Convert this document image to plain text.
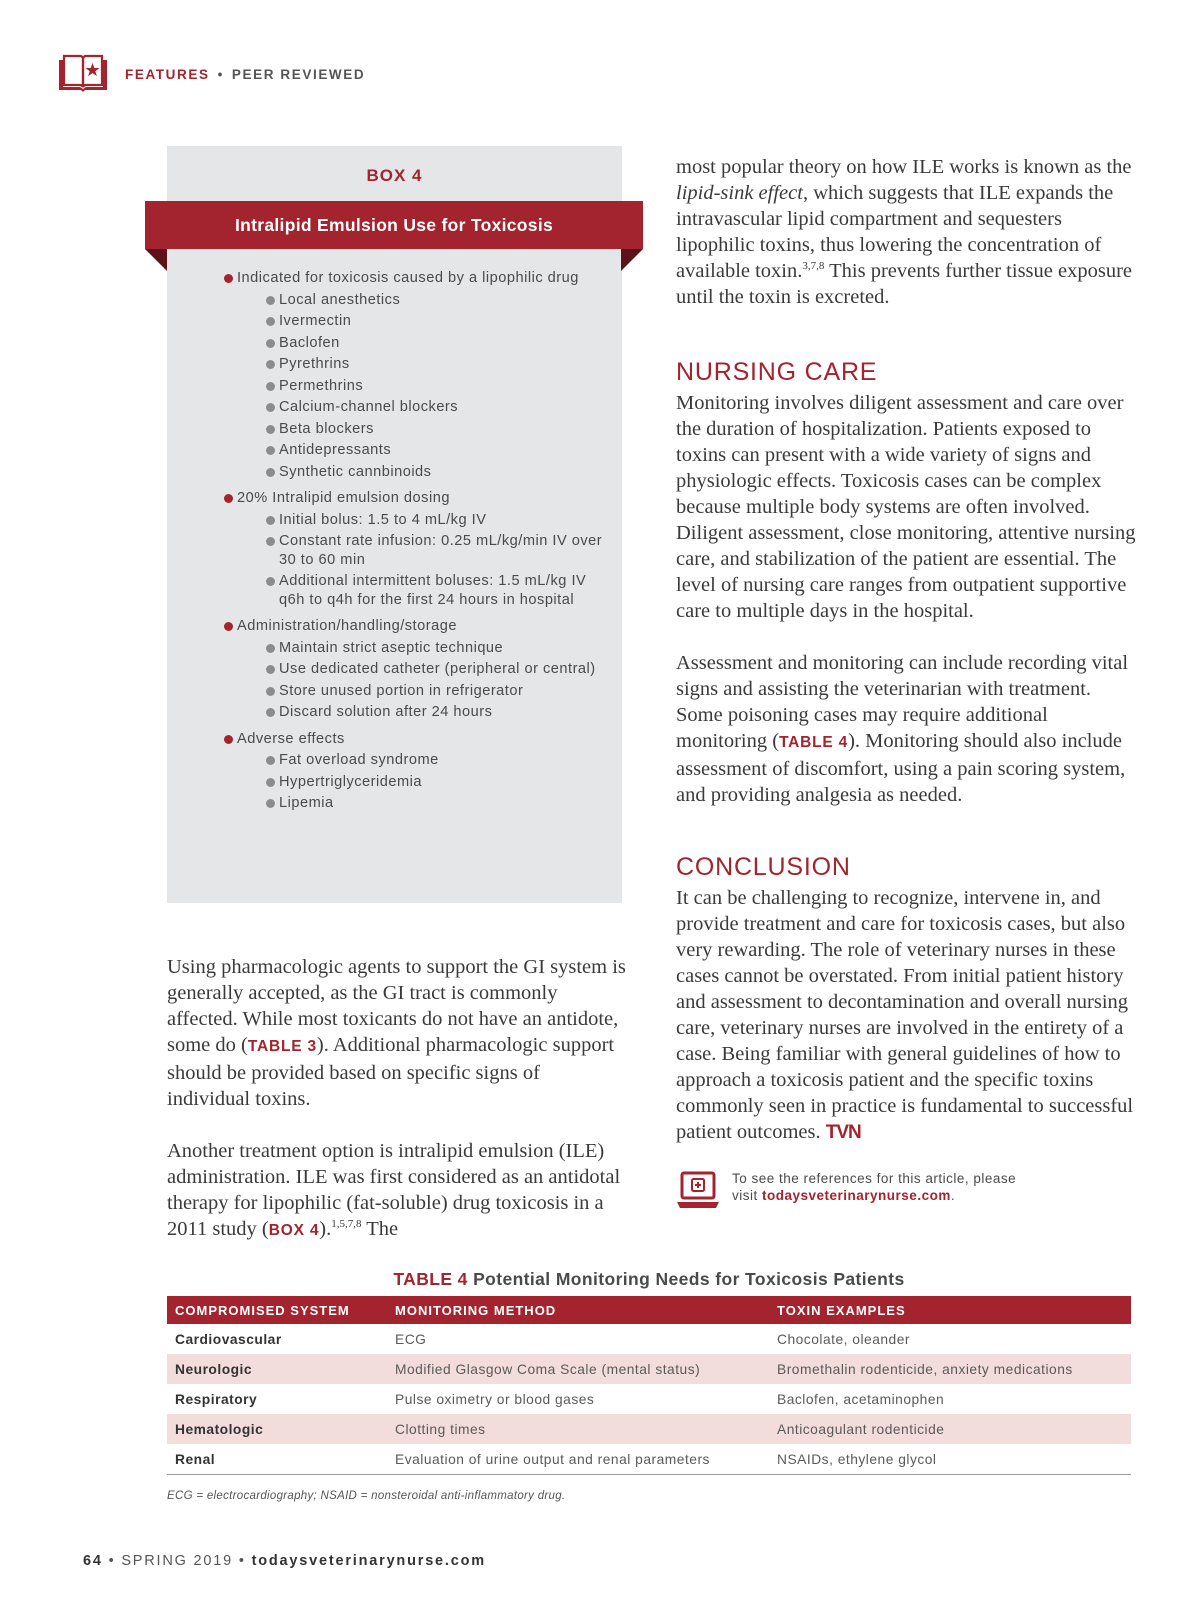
FEATURES • PEER REVIEWED
BOX 4
Intralipid Emulsion Use for Toxicosis
Indicated for toxicosis caused by a lipophilic drug
Local anesthetics
Ivermectin
Baclofen
Pyrethrins
Permethrins
Calcium-channel blockers
Beta blockers
Antidepressants
Synthetic cannbinoids
20% Intralipid emulsion dosing
Initial bolus: 1.5 to 4 mL/kg IV
Constant rate infusion: 0.25 mL/kg/min IV over 30 to 60 min
Additional intermittent boluses: 1.5 mL/kg IV q6h to q4h for the first 24 hours in hospital
Administration/handling/storage
Maintain strict aseptic technique
Use dedicated catheter (peripheral or central)
Store unused portion in refrigerator
Discard solution after 24 hours
Adverse effects
Fat overload syndrome
Hypertriglyceridemia
Lipemia

Using pharmacologic agents to support the GI system is generally accepted, as the GI tract is commonly affected. While most toxicants do not have an antidote, some do (TABLE 3). Additional pharmacologic support should be provided based on specific signs of individual toxins.

Another treatment option is intralipid emulsion (ILE) administration. ILE was first considered as an antidotal therapy for lipophilic (fat-soluble) drug toxicosis in a 2011 study (BOX 4).$^{1,5,7,8}$ The

most popular theory on how ILE works is known as the lipid-sink effect, which suggests that ILE expands the intravascular lipid compartment and sequesters lipophilic toxins, thus lowering the concentration of available toxin.$^{3,7,8}$ This prevents further tissue exposure until the toxin is excreted.

NURSING CARE

Monitoring involves diligent assessment and care over the duration of hospitalization. Patients exposed to toxins can present with a wide variety of signs and physiologic effects. Toxicosis cases can be complex because multiple body systems are often involved. Diligent assessment, close monitoring, attentive nursing care, and stabilization of the patient are essential. The level of nursing care ranges from outpatient supportive care to multiple days in the hospital.

Assessment and monitoring can include recording vital signs and assisting the veterinarian with treatment. Some poisoning cases may require additional monitoring (TABLE 4). Monitoring should also include assessment of discomfort, using a pain scoring system, and providing analgesia as needed.

CONCLUSION

It can be challenging to recognize, intervene in, and provide treatment and care for toxicosis cases, but also very rewarding. The role of veterinary nurses in these cases cannot be overstated. From initial patient history and assessment to decontamination and overall nursing care, veterinary nurses are involved in the entirety of a case. Being familiar with general guidelines of how to approach a toxicosis patient and the specific toxins commonly seen in practice is fundamental to successful patient outcomes. TVN

To see the references for this article, please
visit todaysveterinarynurse.com.
TABLE 4 Potential Monitoring Needs for Toxicosis Patients
COMPROMISED SYSTEM	MONITORING METHOD	TOXIN EXAMPLES
Cardiovascular	ECG	Chocolate, oleander
Neurologic	Modified Glasgow Coma Scale (mental status)	Bromethalin rodenticide, anxiety medications
Respiratory	Pulse oximetry or blood gases	Baclofen, acetaminophen
Hematologic	Clotting times	Anticoagulant rodenticide
Renal	Evaluation of urine output and renal parameters	NSAIDs, ethylene glycol
ECG = electrocardiography; NSAID = nonsteroidal anti-inflammatory drug.
64 • SPRING 2019 • todaysveterinarynurse.com
